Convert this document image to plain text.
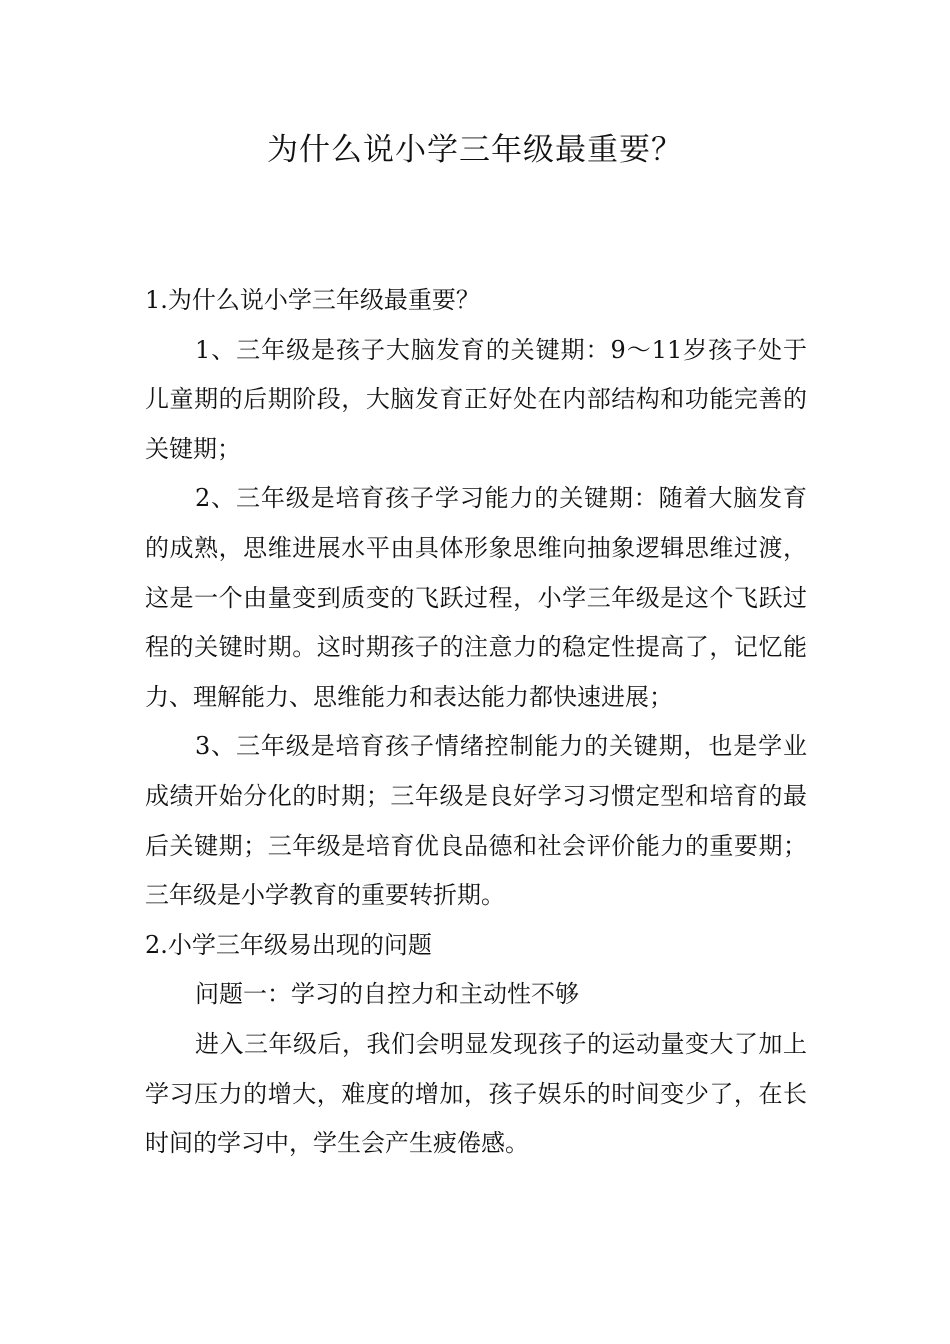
为什么说小学三年级最重要？

1.为什么说小学三年级最重要？

1、三年级是孩子大脑发育的关键期：9～11岁孩子处于儿童期的后期阶段，大脑发育正好处在内部结构和功能完善的关键期；

2、三年级是培育孩子学习能力的关键期：随着大脑发育的成熟，思维进展水平由具体形象思维向抽象逻辑思维过渡，这是一个由量变到质变的飞跃过程，小学三年级是这个飞跃过程的关键时期。这时期孩子的注意力的稳定性提高了，记忆能力、理解能力、思维能力和表达能力都快速进展；

3、三年级是培育孩子情绪控制能力的关键期，也是学业成绩开始分化的时期；三年级是良好学习习惯定型和培育的最后关键期；三年级是培育优良品德和社会评价能力的重要期；三年级是小学教育的重要转折期。

2.小学三年级易出现的问题

问题一：学习的自控力和主动性不够

进入三年级后，我们会明显发现孩子的运动量变大了加上学习压力的增大，难度的增加，孩子娱乐的时间变少了，在长时间的学习中，学生会产生疲倦感。
